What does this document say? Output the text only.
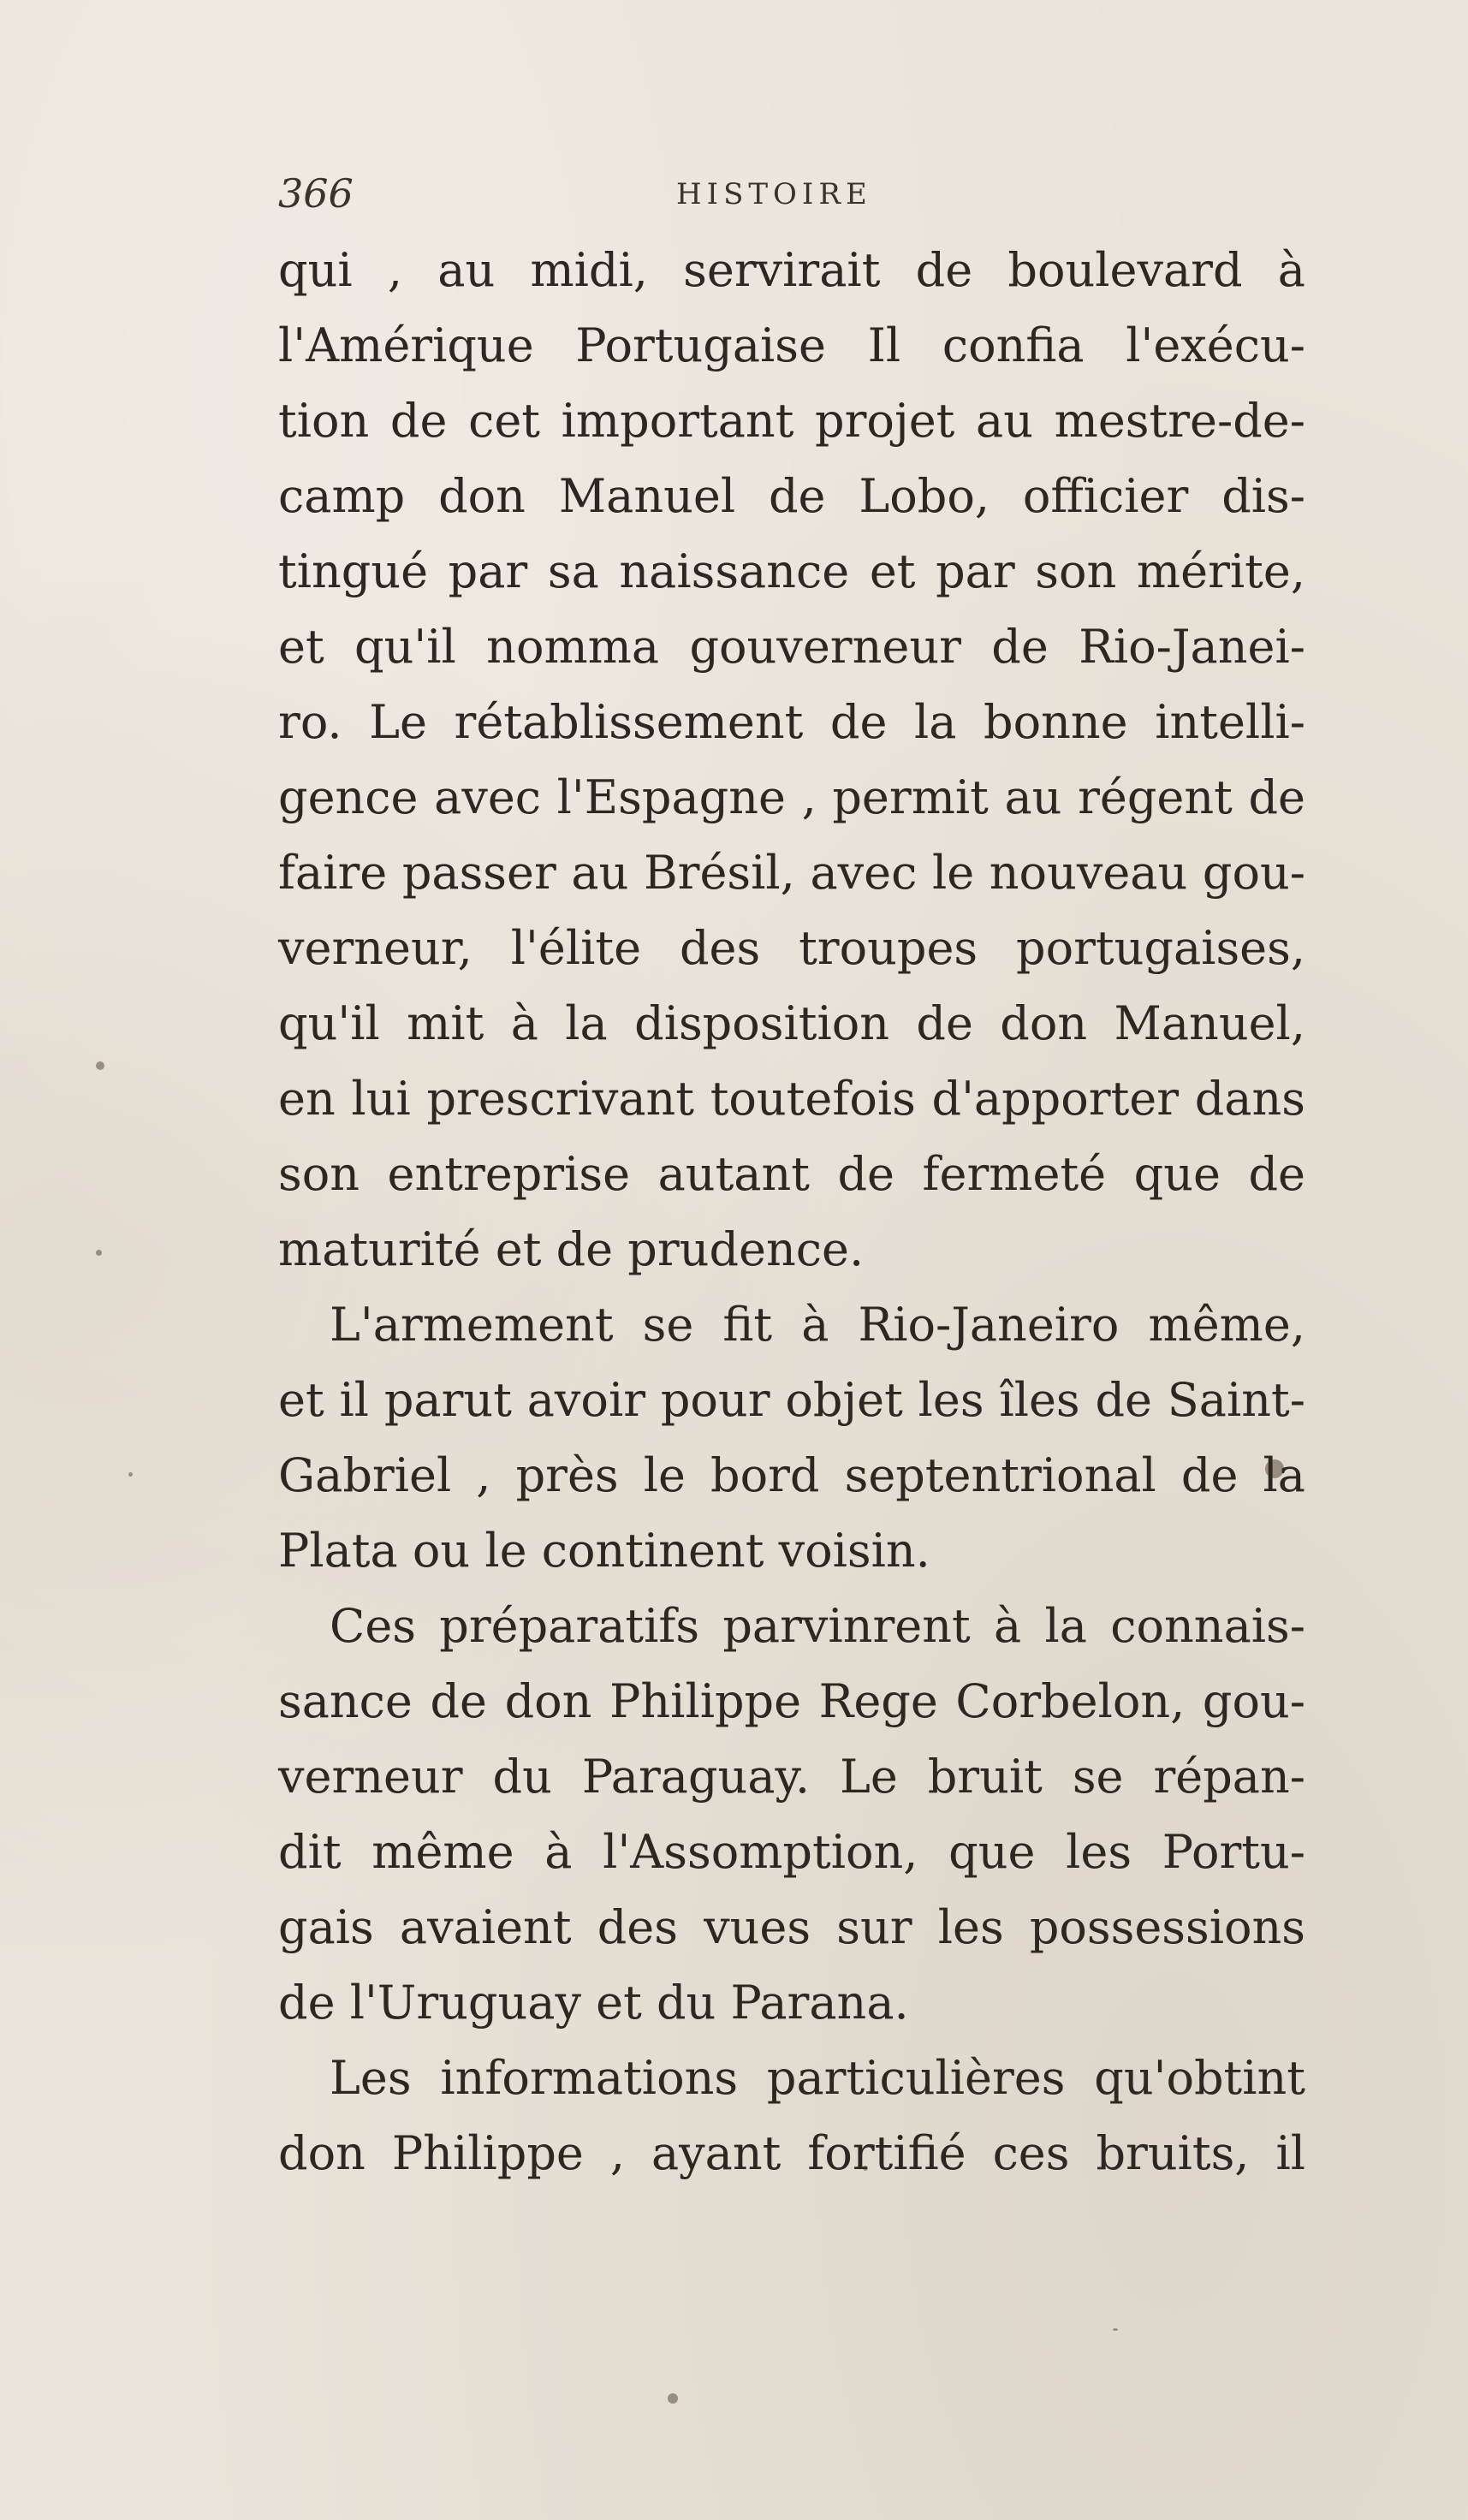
366	HISTOIRE
qui , au midi, servirait de boulevard à
l'Amérique Portugaise Il confia l'exécu-
tion de cet important projet au mestre-de-
camp don Manuel de Lobo, officier dis-
tingué par sa naissance et par son mérite,
et qu'il nomma gouverneur de Rio-Janei-
ro. Le rétablissement de la bonne intelli-
gence avec l'Espagne , permit au régent de
faire passer au Brésil, avec le nouveau gou-
verneur, l'élite des troupes portugaises,
qu'il mit à la disposition de don Manuel,
en lui prescrivant toutefois d'apporter dans
son entreprise autant de fermeté que de
maturité et de prudence.
L'armement se fit à Rio-Janeiro même,
et il parut avoir pour objet les îles de Saint-
Gabriel , près le bord septentrional de la
Plata ou le continent voisin.
Ces préparatifs parvinrent à la connais-
sance de don Philippe Rege Corbelon, gou-
verneur du Paraguay. Le bruit se répan-
dit même à l'Assomption, que les Portu-
gais avaient des vues sur les possessions
de l'Uruguay et du Parana.
Les informations particulières qu'obtint
don Philippe , ayant fortifié ces bruits, il
